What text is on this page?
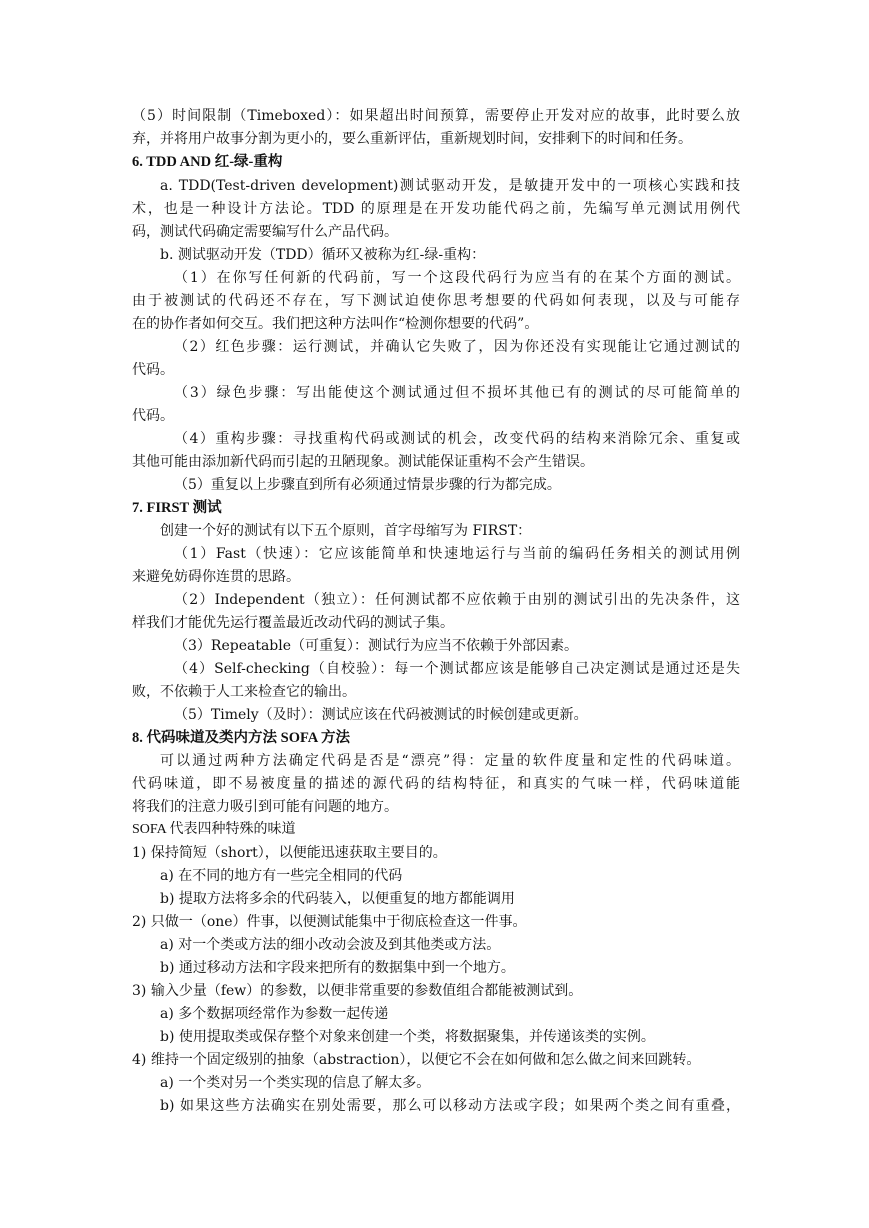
（5）时间限制（Timeboxed）：如果超出时间预算，需要停止开发对应的故事，此时要么放
弃，并将用户故事分割为更小的，要么重新评估，重新规划时间，安排剩下的时间和任务。
6. TDD AND 红-绿-重构
a. TDD(Test-driven development)测试驱动开发，是敏捷开发中的一项核心实践和技
术，也是一种设计方法论。TDD 的原理是在开发功能代码之前，先编写单元测试用例代
码，测试代码确定需要编写什么产品代码。
b. 测试驱动开发（TDD）循环又被称为红-绿-重构：
（1）在你写任何新的代码前，写一个这段代码行为应当有的在某个方面的测试。
由于被测试的代码还不存在，写下测试迫使你思考想要的代码如何表现，以及与可能存
在的协作者如何交互。我们把这种方法叫作“检测你想要的代码”。
（2）红色步骤：运行测试，并确认它失败了，因为你还没有实现能让它通过测试的
代码。
（3）绿色步骤：写出能使这个测试通过但不损坏其他已有的测试的尽可能简单的
代码。
（4）重构步骤：寻找重构代码或测试的机会，改变代码的结构来消除冗余、重复或
其他可能由添加新代码而引起的丑陋现象。测试能保证重构不会产生错误。
（5）重复以上步骤直到所有必须通过情景步骤的行为都完成。
7. FIRST 测试
创建一个好的测试有以下五个原则，首字母缩写为 FIRST：
（1）Fast（快速）：它应该能简单和快速地运行与当前的编码任务相关的测试用例
来避免妨碍你连贯的思路。
（2）Independent（独立）：任何测试都不应依赖于由别的测试引出的先决条件，这
样我们才能优先运行覆盖最近改动代码的测试子集。
（3）Repeatable（可重复）：测试行为应当不依赖于外部因素。
（4）Self-checking（自校验）：每一个测试都应该是能够自己决定测试是通过还是失
败，不依赖于人工来检查它的输出。
（5）Timely（及时）：测试应该在代码被测试的时候创建或更新。
8. 代码味道及类内方法 SOFA 方法
可以通过两种方法确定代码是否是“漂亮”得：定量的软件度量和定性的代码味道。
代码味道，即不易被度量的描述的源代码的结构特征，和真实的气味一样，代码味道能
将我们的注意力吸引到可能有问题的地方。
SOFA 代表四种特殊的味道
1) 保持简短（short），以便能迅速获取主要目的。
a) 在不同的地方有一些完全相同的代码
b) 提取方法将多余的代码装入，以便重复的地方都能调用
2) 只做一（one）件事，以便测试能集中于彻底检查这一件事。
a) 对一个类或方法的细小改动会波及到其他类或方法。
b) 通过移动方法和字段来把所有的数据集中到一个地方。
3) 输入少量（few）的参数，以便非常重要的参数值组合都能被测试到。
a) 多个数据项经常作为参数一起传递
b) 使用提取类或保存整个对象来创建一个类，将数据聚集，并传递该类的实例。
4) 维持一个固定级别的抽象（abstraction），以便它不会在如何做和怎么做之间来回跳转。
a) 一个类对另一个类实现的信息了解太多。
b) 如果这些方法确实在别处需要，那么可以移动方法或字段；如果两个类之间有重叠，
